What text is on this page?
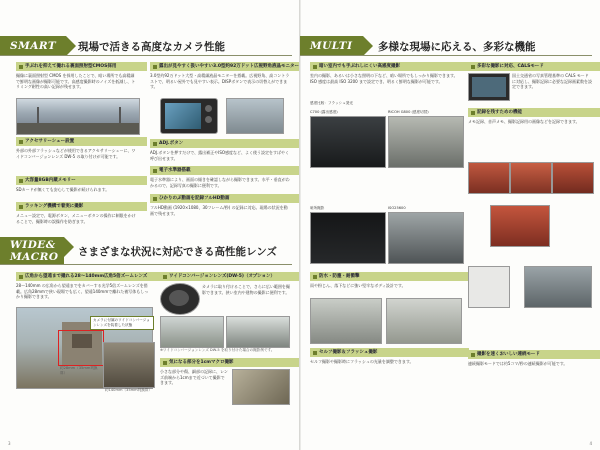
SMART	現場で活きる高度なカメラ性能
手ぶれを抑えて撮れる裏面照射型CMOS採用
撮像に裏面照射型 CMOS を採用したことで、暗い場所でも高精細で鮮明な画像が撮影可能です。高感度撮影時のノイズを低減し、トリミング耐性の高い記録が残せます。
アクセサリーシュー設置
外部の外部フラッシュなどが使用できるアクセサリーシューに、ワイドコンバージョンレンズ DW-5 の取り付けが可能です。
大容量8GB内蔵メモリー
SDカードが無くても安心して撮影が続けられます。
ラッキング機構で着実に撮影
メニュー設定で、電源ボタン、メニューボタンの操作に制限をかけることで、撮影時の誤操作を防ぎます。
露出が見やすく扱いやすい3.0型約92万ドット広視野角液晶モニター
3.0型約92万ドット大型・高精細液晶モニターを搭載。広視野角、高コントラストで、明るい屋外でも見やすい表示。DISPボタンで表示の切替えができます。
ADJ.ボタン
ADJ.ボタンを押すだけで、露出補正やISO感度など、よく使う設定をすばやく呼び出せます。
電子水準器搭載
電子水準器により、画面の傾きを確認しながら撮影できます。水平・垂直がわかるので、記録写真の撮影に便利です。
ひかりのぶ動画を記録フルHD動画
フルHD動画 (1920×1080、30フレーム/秒) の記録に対応。現場の状況を動画で残せます。
WIDE&
MACRO	さまざまな状況に対応できる高性能レンズ
広角から望遠まで撮れる28～140mm広角5倍ズームレンズ
28～140mm の広角から望遠までをカバーする光学5倍ズームレンズを搭載。広角28mmで狭い現場でも広く、望遠140mmで離れた被写体もしっかり撮影できます。
約28mm（35mm判換算）
約140mm（35mm判換算）
カメラに付属のワイドコンバージョンレンズを装着した状態
ワイドコンバージョンレンズ(DW-5)（オプション）
カメラに取り付けることで、さらに広い範囲を撮影できます。狭い室内や建物の撮影に便利です。
※ワイドコンバージョンレンズ DW-5 を取り付けた場合の撮影例です。
気になる部分を1cmマクロ撮影
小さな部分や傷、細部の記録に、レンズ前端から1cmまで近づいて撮影できます。
3
MULTI	多様な現場に応える、多彩な機能
暗い室内でも手ぶれしにくい高感度撮影
室内の撮影、あるいは小さな照明の下など、暗い場所でもしっかり撮影できます。ISO 感度は最高 ISO 3200 まで設定でき、明るく鮮明な撮影が可能です。
感度比較：フラッシュ発光
C700 (露出感度)	RICOH G800 (感度切替)
暗所撮影	ISO25600
防水・防塵・耐衝撃
雨や粉じん、落下などに強い堅牢なボディ設計です。
セルフ撮影＆フラッシュ撮影
セルフ撮影や撮影時にフラッシュの光量を調整できます。
多彩な撮影に対応、CALSモード
国土交通省の写真管理基準の CALS モードに対応し、撮影記録に必要な記録画素数を設定できます。
記録を残すための機能
メモ記録、音声メモ、撮影記録用の画像などを記録できます。
撮影を速くおいしい連続モード
連続撮影モードでは約5コマ/秒の連続撮影が可能です。
4
